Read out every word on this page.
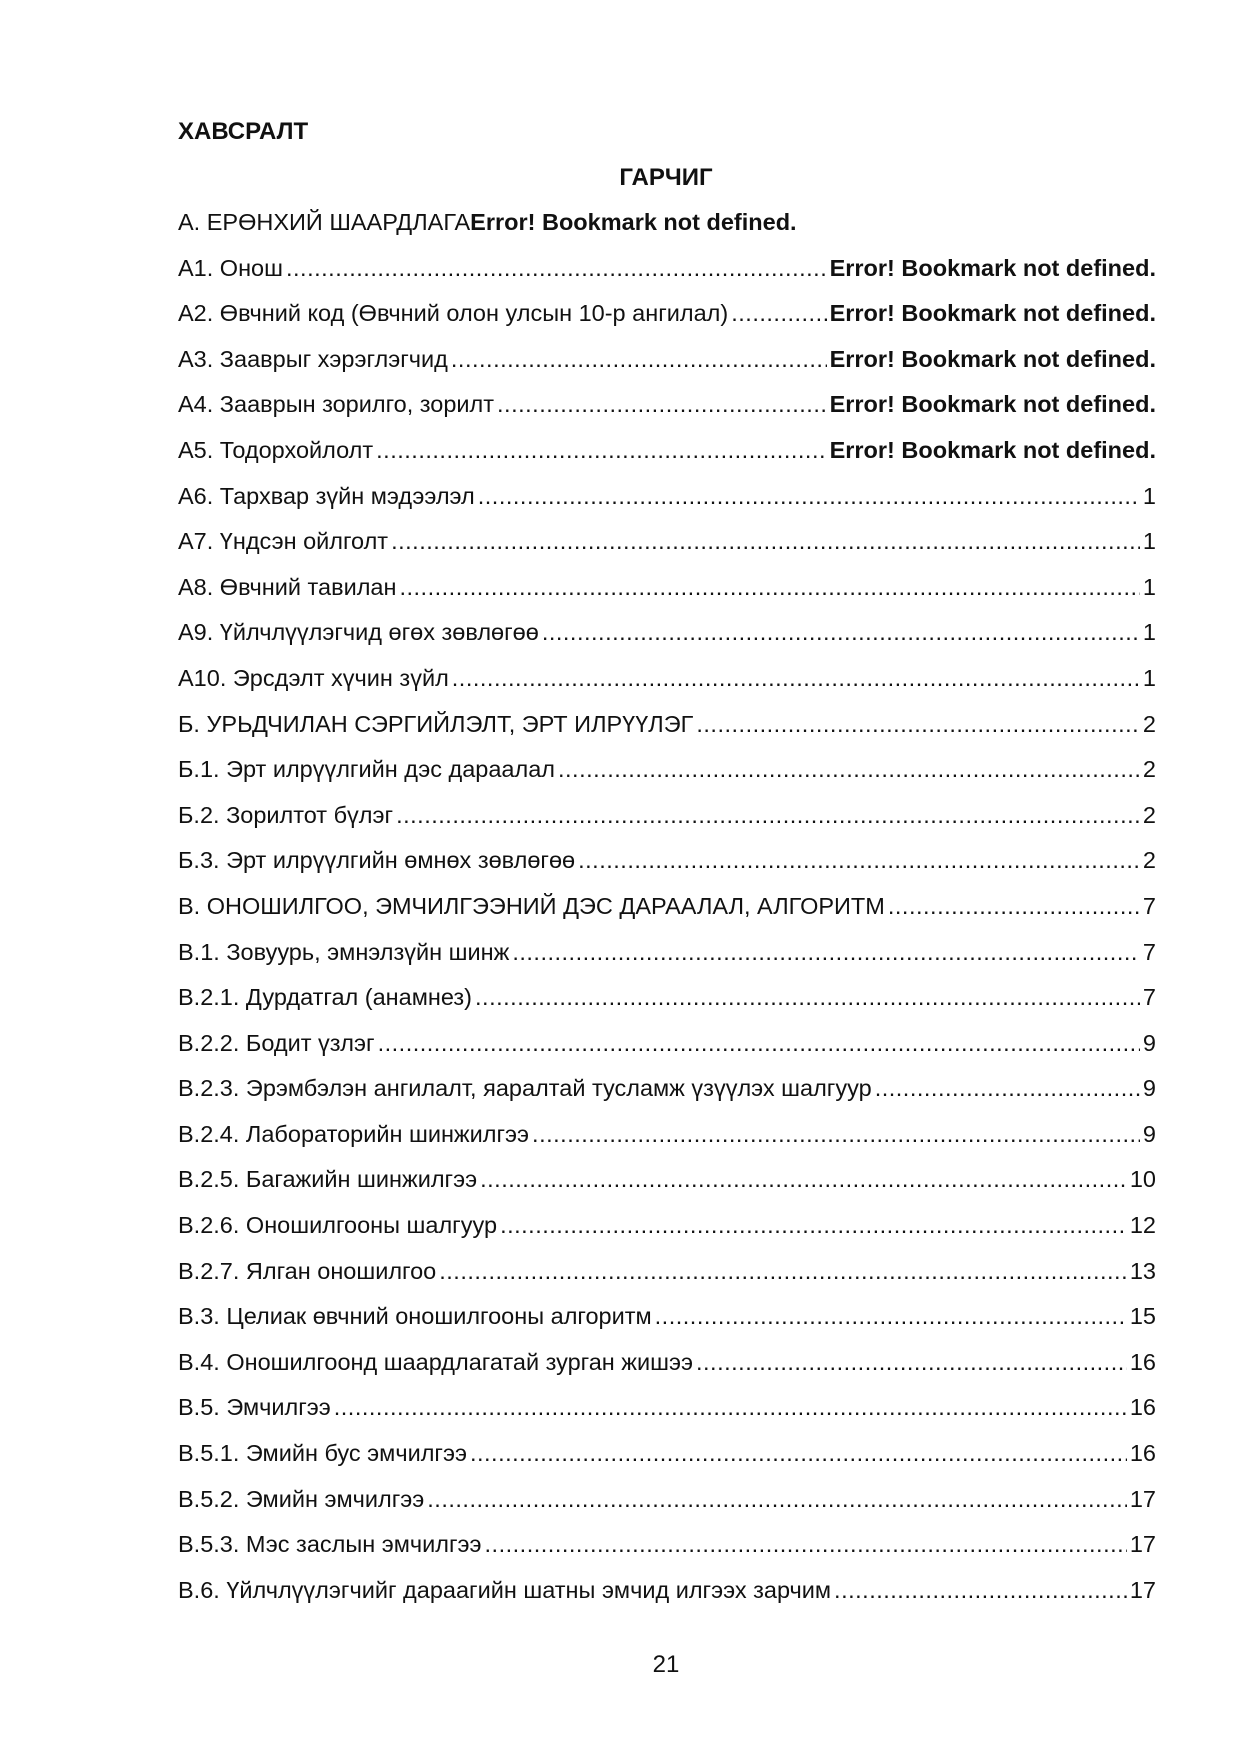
ХАВСРАЛТ
ГАРЧИГ
А. ЕРӨНХИЙ ШААРДЛАГА Error! Bookmark not defined.
А1. Онош .....	Error! Bookmark not defined.
А2. Өвчний код (Өвчний олон улсын 10-р ангилал) .....	Error! Bookmark not defined.
А3. Заавpыг хэрэглэгчид .....	Error! Bookmark not defined.
А4. Зааврын зорилго, зорилт .....	Error! Bookmark not defined.
А5. Тодорхойлолт .....	Error! Bookmark not defined.
А6. Тархвар зүйн мэдээлэл .....	1
А7. Үндсэн ойлголт .....	1
А8. Өвчний тавилан .....	1
А9. Үйлчлүүлэгчид өгөх зөвлөгөө .....	1
А10. Эрсдэлт хүчин зүйл .....	1
Б. УРЬДЧИЛАН СЭРГИЙЛЭЛТ, ЭРТ ИЛРҮҮЛЭГ .....	2
Б.1. Эрт илрүүлгийн дэс дараалал .....	2
Б.2. Зорилтот бүлэг .....	2
Б.3. Эрт илрүүлгийн өмнөх зөвлөгөө .....	2
В. ОНОШИЛГОО, ЭМЧИЛГЭЭНИЙ ДЭС ДАРААЛАЛ, АЛГОРИТМ .....	7
В.1. Зовуурь, эмнэлзүйн шинж .....	7
В.2.1. Дурдатгал (анамнез) .....	7
В.2.2. Бодит үзлэг .....	9
В.2.3. Эрэмбэлэн ангилалт, яаралтай тусламж үзүүлэх шалгуур .....	9
В.2.4. Лабораторийн шинжилгээ .....	9
В.2.5. Багажийн шинжилгээ .....	10
В.2.6. Оношилгооны шалгуур .....	12
В.2.7. Ялган оношилгоо .....	13
В.3. Целиак өвчний оношилгооны алгоритм .....	15
В.4. Оношилгоонд шаардлагатай зурган жишээ .....	16
В.5. Эмчилгээ .....	16
В.5.1. Эмийн бус эмчилгээ .....	16
В.5.2. Эмийн эмчилгээ .....	17
В.5.3. Мэс заслын эмчилгээ .....	17
В.6. Үйлчлүүлэгчийг дараагийн шатны эмчид илгээх зарчим .....	17
21
